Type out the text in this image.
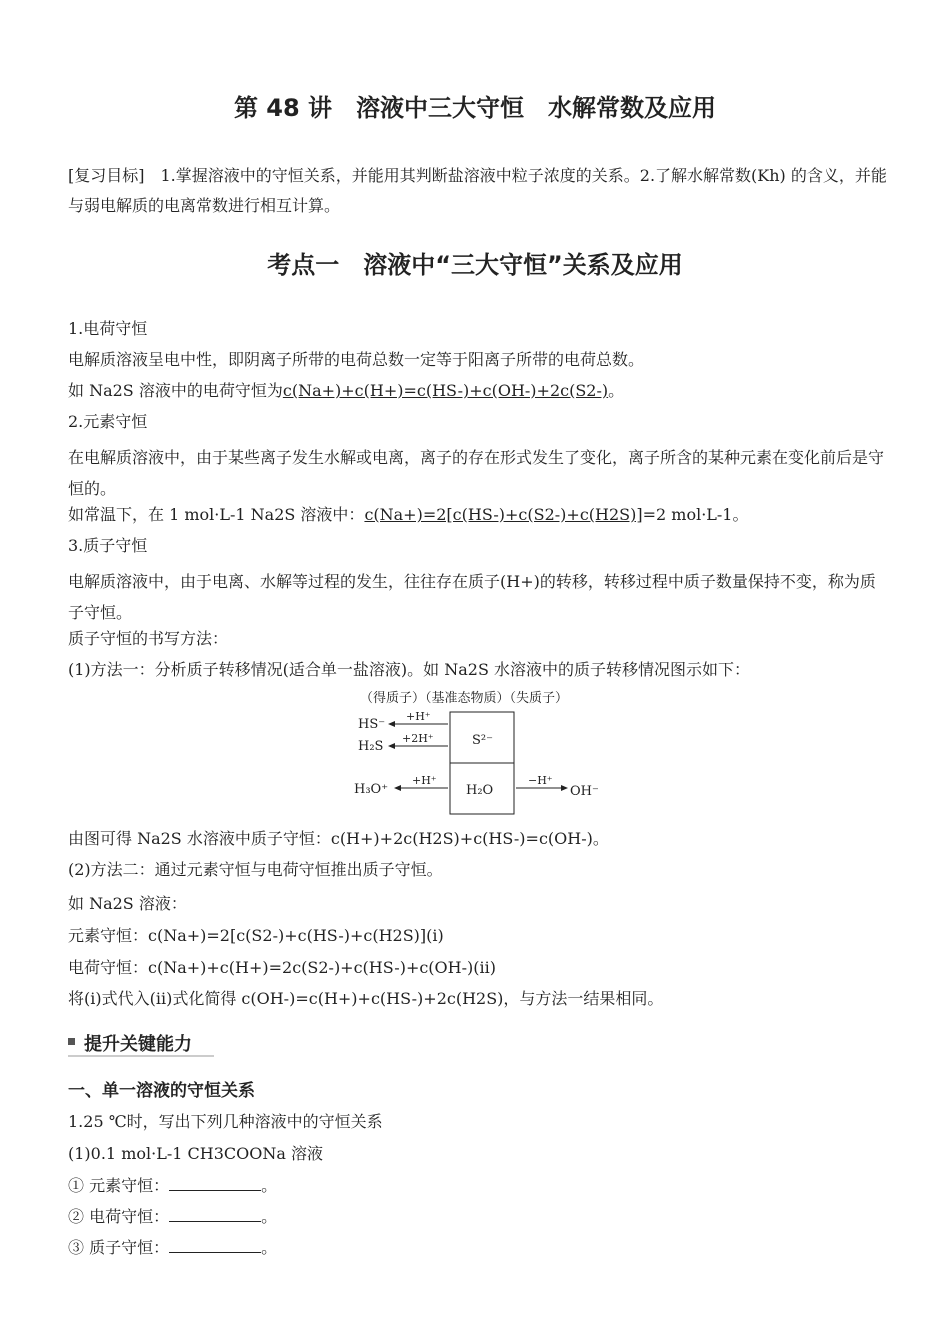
第 48 讲　溶液中三大守恒　水解常数及应用
[复习目标]　1.掌握溶液中的守恒关系，并能用其判断盐溶液中粒子浓度的关系。2.了解水解常数(Kh) 的含义，并能与弱电解质的电离常数进行相互计算。
考点一　溶液中“三大守恒”关系及应用
1.电荷守恒
电解质溶液呈电中性，即阴离子所带的电荷总数一定等于阳离子所带的电荷总数。
如 Na2S 溶液中的电荷守恒为c(Na+)+c(H+)=c(HS-)+c(OH-)+2c(S2-)。
2.元素守恒
在电解质溶液中，由于某些离子发生水解或电离，离子的存在形式发生了变化，离子所含的某种元素在变化前后是守恒的。
如常温下，在 1 mol·L-1 Na2S 溶液中：c(Na+)=2[c(HS-)+c(S2-)+c(H2S)]=2 mol·L-1。
3.质子守恒
电解质溶液中，由于电离、水解等过程的发生，往往存在质子(H+)的转移，转移过程中质子数量保持不变，称为质子守恒。
质子守恒的书写方法：
(1)方法一：分析质子转移情况(适合单一盐溶液)。如 Na2S 水溶液中的质子转移情况图示如下：
（得质子）（基准态物质）（失质子）
S²⁻
H₂O
+H⁺
HS⁻
+2H⁺
H₂S
+H⁺
H₃O⁺
−H⁺
OH⁻
由图可得 Na2S 水溶液中质子守恒：c(H+)+2c(H2S)+c(HS-)=c(OH-)。
(2)方法二：通过元素守恒与电荷守恒推出质子守恒。
如 Na2S 溶液：
元素守恒：c(Na+)=2[c(S2-)+c(HS-)+c(H2S)](ⅰ)
电荷守恒：c(Na+)+c(H+)=2c(S2-)+c(HS-)+c(OH-)(ⅱ)
将(ⅰ)式代入(ⅱ)式化简得 c(OH-)=c(H+)+c(HS-)+2c(H2S)，与方法一结果相同。
提升关键能力
一、单一溶液的守恒关系
1.25 ℃时，写出下列几种溶液中的守恒关系
(1)0.1 mol·L-1 CH3COONa 溶液
① 元素守恒：	。
② 电荷守恒：	。
③ 质子守恒：	。
